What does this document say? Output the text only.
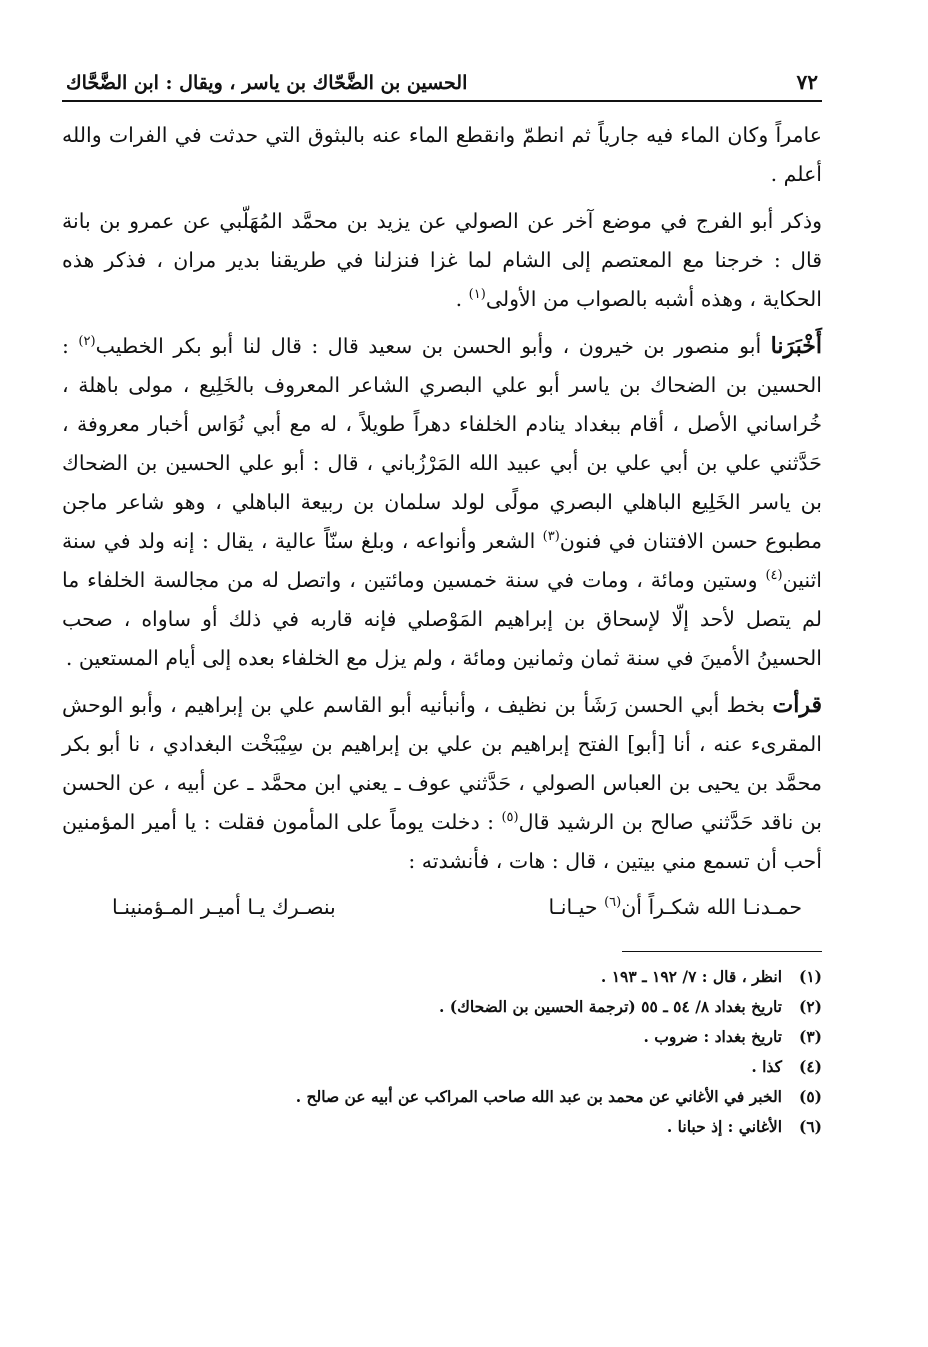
٧٢
الحسين بن الضَّحّاك بن ياسر ، ويقال : ابن الضَّحَّاك

عامراً وكان الماء فيه جارياً ثم انطمّ وانقطع الماء عنه بالبثوق التي حدثت في الفرات والله أعلم .

وذكر أبو الفرج في موضع آخر عن الصولي عن يزيد بن محمَّد المُهَلّبي عن عمرو بن بانة قال : خرجنا مع المعتصم إلى الشام لما غزا فنزلنا في طريقنا بدير مران ، فذكر هذه الحكاية ، وهذه أشبه بالصواب من الأولى$^{(١)}$ .

أَخْبَرَنا أبو منصور بن خيرون ، وأبو الحسن بن سعيد قال : قال لنا أبو بكر الخطيب$^{(٢)}$ : الحسين بن الضحاك بن ياسر أبو علي البصري الشاعر المعروف بالخَلِيع ، مولى باهلة ، خُراساني الأصل ، أقام ببغداد ينادم الخلفاء دهراً طويلاً ، له مع أبي نُوَاس أخبار معروفة ، حَدَّثني علي بن أبي علي بن أبي عبيد الله المَرْزُباني ، قال : أبو علي الحسين بن الضحاك بن ياسر الخَلِيع الباهلي البصري مولًى لولد سلمان بن ربيعة الباهلي ، وهو شاعر ماجن مطبوع حسن الافتنان في فنون$^{(٣)}$ الشعر وأنواعه ، وبلغ سنّاً عالية ، يقال : إنه ولد في سنة اثنين$^{(٤)}$ وستين ومائة ، ومات في سنة خمسين ومائتين ، واتصل له من مجالسة الخلفاء ما لم يتصل لأحد إلّا لإسحاق بن إبراهيم المَوْصلي فإنه قاربه في ذلك أو ساواه ، صحب الحسينُ الأمينَ في سنة ثمان وثمانين ومائة ، ولم يزل مع الخلفاء بعده إلى أيام المستعين .

قرأت بخط أبي الحسن رَشَأ بن نظيف ، وأنبأنيه أبو القاسم علي بن إبراهيم ، وأبو الوحش المقرىء عنه ، أنا [أبو] الفتح إبراهيم بن علي بن إبراهيم بن سِيْبَخْت البغدادي ، نا أبو بكر محمَّد بن يحيى بن العباس الصولي ، حَدَّثني عوف ـ يعني ابن محمَّد ـ عن أبيه ، عن الحسن بن ناقد حَدَّثني صالح بن الرشيد قال$^{(٥)}$ : دخلت يوماً على المأمون فقلت : يا أمير المؤمنين أحب أن تسمع مني بيتين ، قال : هات ، فأنشدته :

حمـدنـا الله شكـراً أن$^{(٦)}$ حيـانـا
بنصـرك يـا أميـر المـؤمنينـا
(١)
انظر ، قال : ٧/ ١٩٢ ـ ١٩٣ .
(٢)
تاريخ بغداد ٨/ ٥٤ ـ ٥٥ (ترجمة الحسين بن الضحاك) .
(٣)
تاريخ بغداد : ضروب .
(٤)
كذا .
(٥)
الخبر في الأغاني عن محمد بن عبد الله صاحب المراكب عن أبيه عن صالح .
(٦)
الأغاني : إذ حبانا .
